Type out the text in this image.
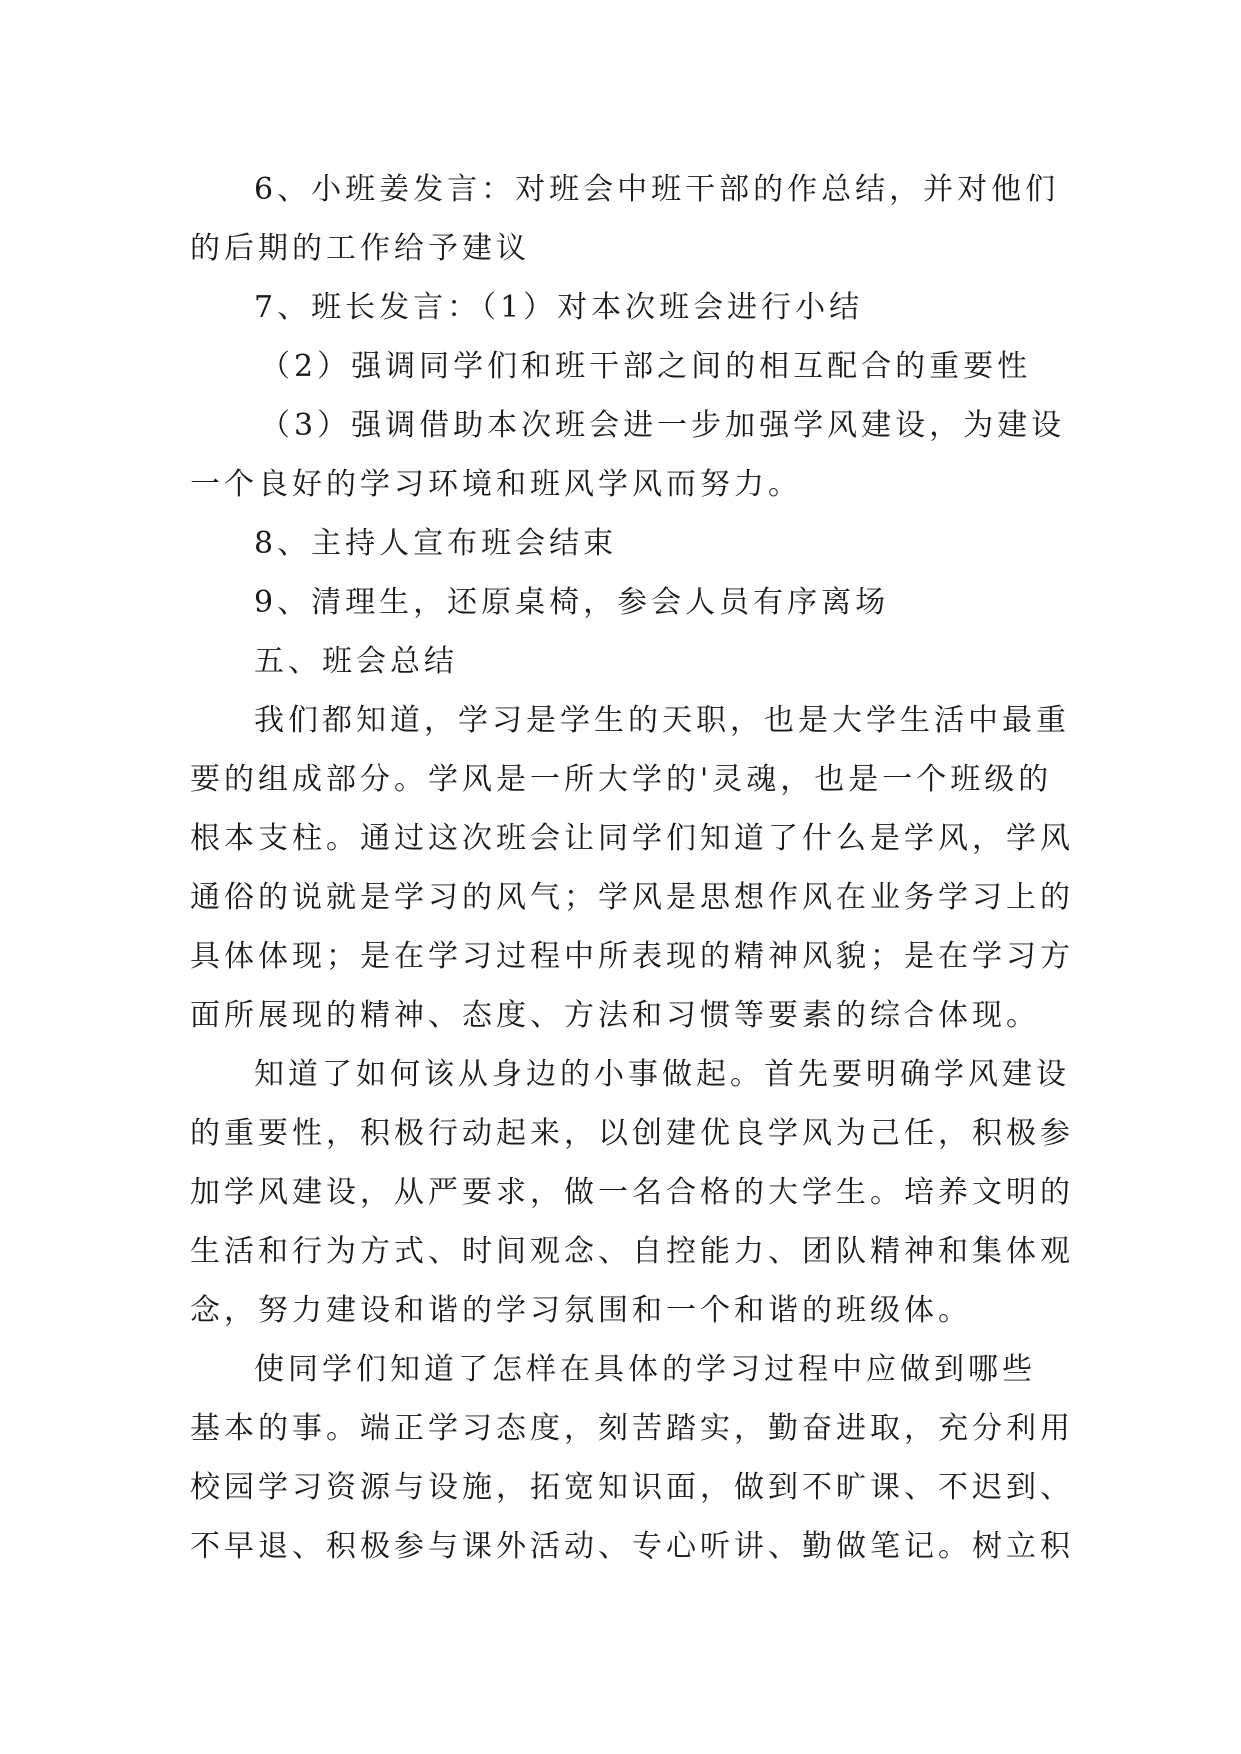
6、小班姜发言：对班会中班干部的作总结，并对他们
的后期的工作给予建议
7、班长发言：（1）对本次班会进行小结
（2）强调同学们和班干部之间的相互配合的重要性
（3）强调借助本次班会进一步加强学风建设，为建设
一个良好的学习环境和班风学风而努力。
8、主持人宣布班会结束
9、清理生，还原桌椅，参会人员有序离场
五、班会总结
我们都知道，学习是学生的天职，也是大学生活中最重
要的组成部分。学风是一所大学的'灵魂，也是一个班级的
根本支柱。通过这次班会让同学们知道了什么是学风，学风
通俗的说就是学习的风气；学风是思想作风在业务学习上的
具体体现；是在学习过程中所表现的精神风貌；是在学习方
面所展现的精神、态度、方法和习惯等要素的综合体现。
知道了如何该从身边的小事做起。首先要明确学风建设
的重要性，积极行动起来，以创建优良学风为己任，积极参
加学风建设，从严要求，做一名合格的大学生。培养文明的
生活和行为方式、时间观念、自控能力、团队精神和集体观
念，努力建设和谐的学习氛围和一个和谐的班级体。
使同学们知道了怎样在具体的学习过程中应做到哪些
基本的事。端正学习态度，刻苦踏实，勤奋进取，充分利用
校园学习资源与设施，拓宽知识面，做到不旷课、不迟到、
不早退、积极参与课外活动、专心听讲、勤做笔记。树立积
